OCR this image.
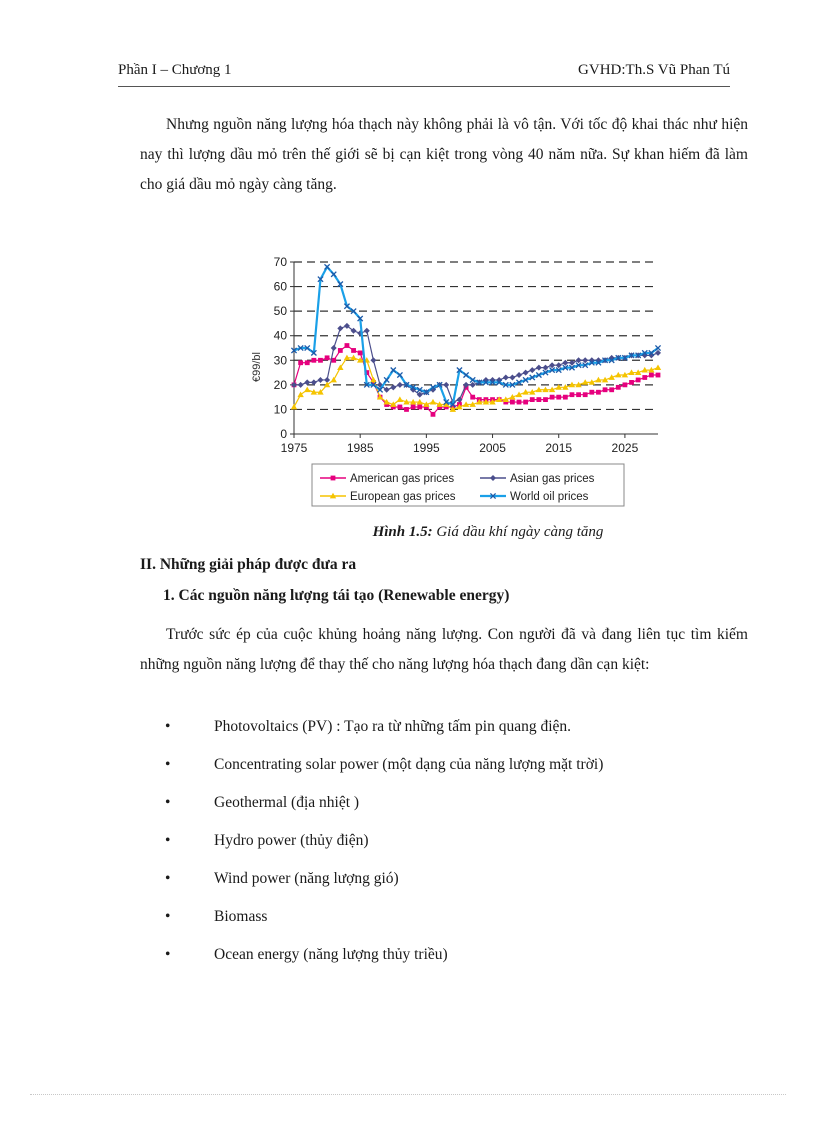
Phần I – Chương 1	GVHD:Th.S Vũ Phan Tú
Nhưng nguồn năng lượng hóa thạch này không phải là vô tận. Với tốc độ khai thác như hiện nay thì lượng dầu mỏ trên thế giới sẽ bị cạn kiệt trong vòng 40 năm nữa. Sự khan hiếm đã làm cho giá dầu mỏ ngày càng tăng.
0
10
20
30
40
50
60
70
1975	1985	1995	2005	2015	2025
€99/bl
American gas prices	Asian gas prices
European gas prices	World oil prices
Hình 1.5: Giá dầu khí ngày càng tăng
II. Những giải pháp được đưa ra
1. Các nguồn năng lượng tái tạo (Renewable energy)
Trước sức ép của cuộc khủng hoảng năng lượng. Con người đã và đang liên tục tìm kiếm những nguồn năng lượng để thay thế cho năng lượng hóa thạch đang dần cạn kiệt:
•	Photovoltaics (PV) : Tạo ra từ những tấm pin quang điện.
•	Concentrating solar power (một dạng của năng lượng mặt trời)
•	Geothermal (địa nhiệt )
•	Hydro power (thủy điện)
•	Wind power (năng lượng gió)
•	Biomass
•	Ocean energy (năng lượng thủy triều)
